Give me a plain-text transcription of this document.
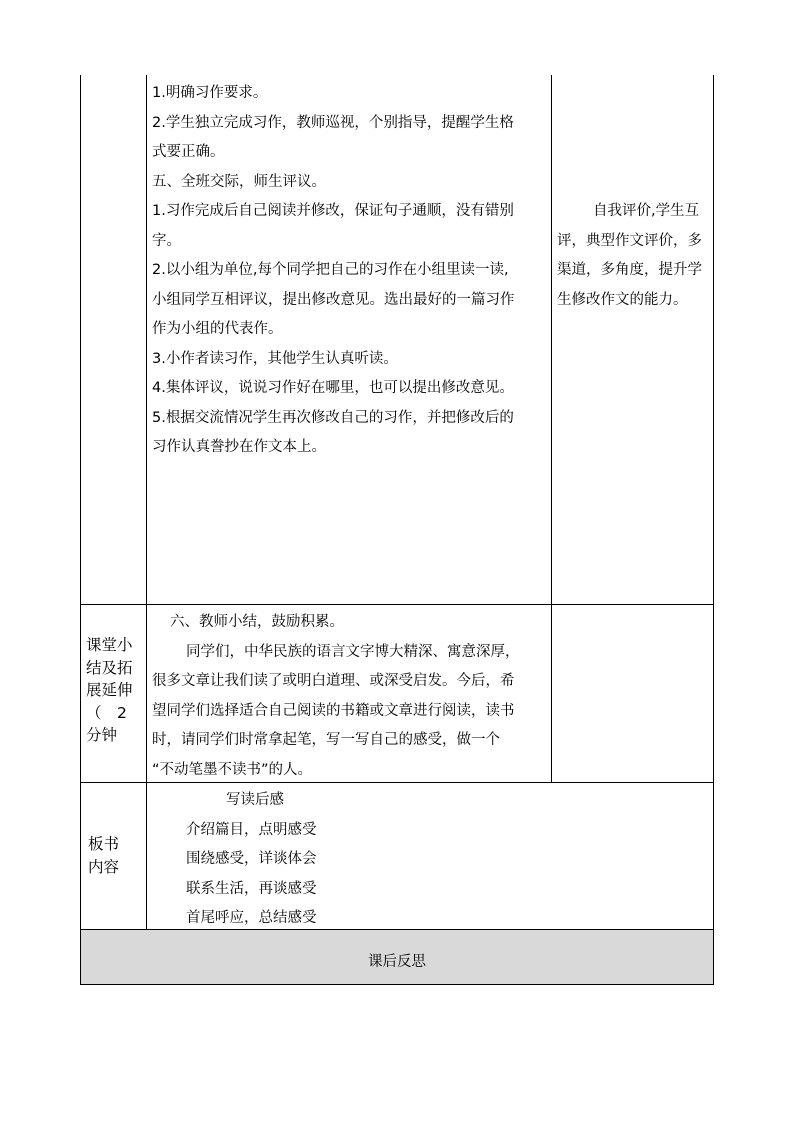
1.明确习作要求。

2.学生独立完成习作，教师巡视，个别指导，提醒学生格

式要正确。

五、全班交际，师生评议。

1.习作完成后自己阅读并修改，保证句子通顺，没有错别

字。

2.以小组为单位,每个同学把自己的习作在小组里读一读,

小组同学互相评议，提出修改意见。选出最好的一篇习作

作为小组的代表作。

3.小作者读习作，其他学生认真听读。

4.集体评议，说说习作好在哪里，也可以提出修改意见。

5.根据交流情况学生再次修改自己的习作，并把修改后的

习作认真誊抄在作文本上。

自我评价,学生互

评，典型作文评价，多

渠道，多角度，提升学

生修改作文的能力。

课堂小

结及拓

展延伸

（　2

分钟

六、教师小结，鼓励积累。

同学们，中华民族的语言文字博大精深、寓意深厚，

很多文章让我们读了或明白道理、或深受启发。今后，希

望同学们选择适合自己阅读的书籍或文章进行阅读，读书

时，请同学们时常拿起笔，写一写自己的感受，做一个

“不动笔墨不读书”的人。

板书

内容

写读后感

介绍篇目，点明感受

围绕感受，详谈体会

联系生活，再谈感受

首尾呼应，总结感受

课后反思
